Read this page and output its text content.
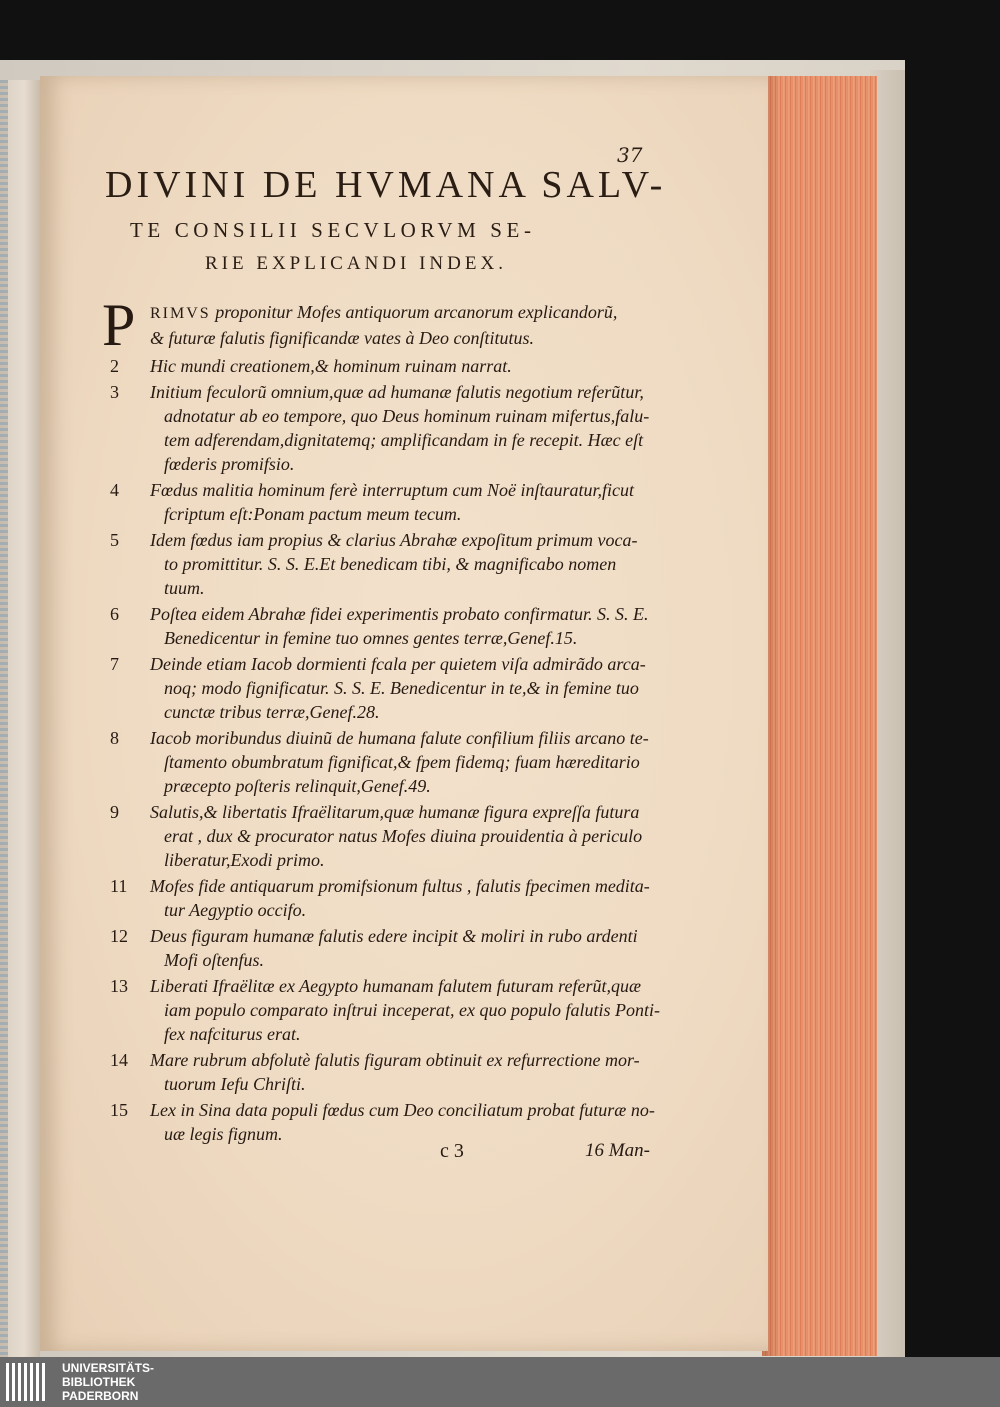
37
DIVINI DE HVMANA SALV-
TE CONSILII SECVLORVM SE-
RIE EXPLICANDI INDEX.
P RIMVS proponitur Mofes antiquorum arcanorum explicandorũ,
& futuræ falutis fignificandæ vates à Deo conſtitutus.
2	Hic mundi creationem,& hominum ruinam narrat.
3	Initium feculorũ omnium,quæ ad humanæ falutis negotium referũtur,
adnotatur ab eo tempore, quo Deus hominum ruinam mifertus,falu-
tem adferendam,dignitatemq; amplificandam in fe recepit. Hæc eſt
fœderis promifsio.
4	Fœdus malitia hominum ferè interruptum cum Noë inſtauratur,ficut
fcriptum eſt:Ponam pactum meum tecum.
5	Idem fœdus iam propius & clarius Abrahæ expoſitum primum voca-
to promittitur. S. S. E.Et benedicam tibi, & magnificabo nomen
tuum.
6	Poſtea eidem Abrahæ fidei experimentis probato confirmatur. S. S. E.
Benedicentur in femine tuo omnes gentes terræ,Genef.15.
7	Deinde etiam Iacob dormienti fcala per quietem viſa admirãdo arca-
noq; modo fignificatur. S. S. E. Benedicentur in te,& in femine tuo
cunctæ tribus terræ,Genef.28.
8	Iacob moribundus diuinũ de humana falute confilium filiis arcano te-
ſtamento obumbratum fignificat,& fpem fidemq; fuam hæreditario
præcepto poſteris relinquit,Genef.49.
9	Salutis,& libertatis Ifraëlitarum,quæ humanæ figura expreſſa futura
erat , dux & procurator natus Mofes diuina prouidentia à periculo
liberatur,Exodi primo.
11	Mofes fide antiquarum promifsionum fultus , falutis fpecimen medita-
tur Aegyptio occifo.
12	Deus figuram humanæ falutis edere incipit & moliri in rubo ardenti
Mofi oſtenfus.
13	Liberati Ifraëlitæ ex Aegypto humanam falutem futuram referũt,quæ
iam populo comparato inſtrui inceperat, ex quo populo falutis Ponti-
fex nafciturus erat.
14	Mare rubrum abfolutè falutis figuram obtinuit ex refurrectione mor-
tuorum Iefu Chriſti.
15	Lex in Sina data populi fœdus cum Deo conciliatum probat futuræ no-
uæ legis fignum.
c 3	16 Man-
UNIVERSITÄTS-
BIBLIOTHEK
PADERBORN
